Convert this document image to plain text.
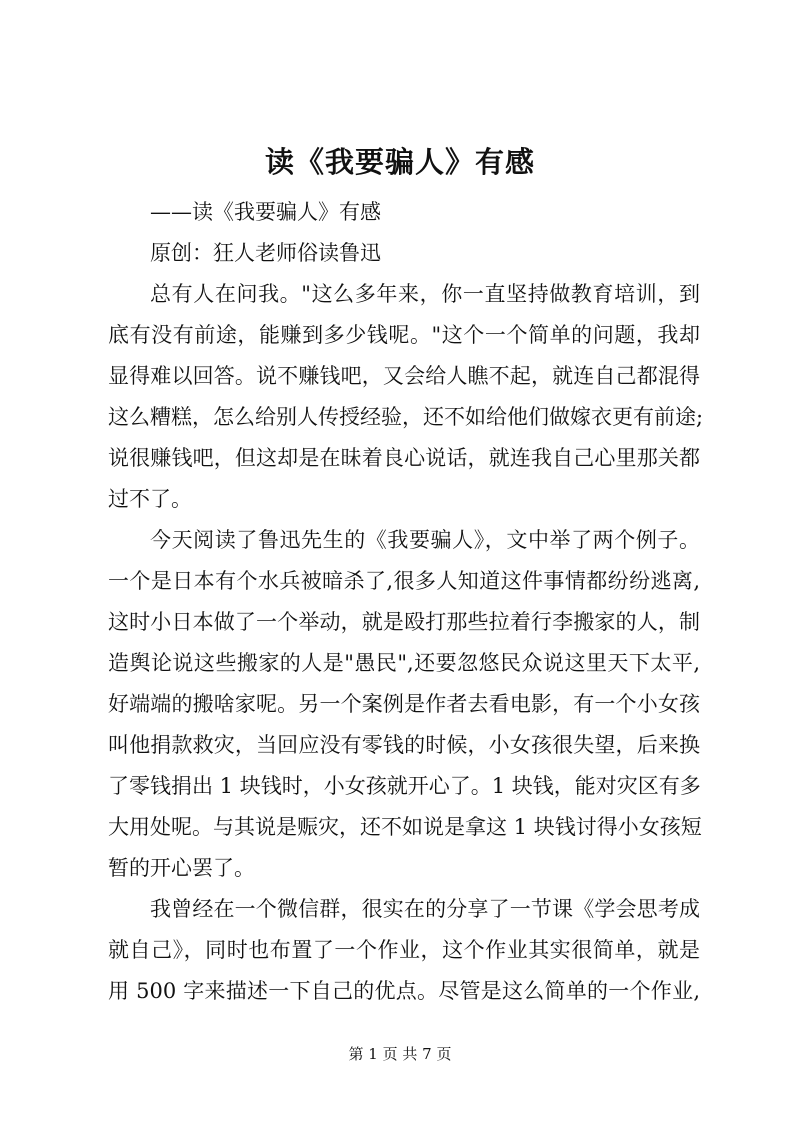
读《我要骗人》有感
——读《我要骗人》有感
原创：狂人老师俗读鲁迅
总有人在问我。"这么多年来，你一直坚持做教育培训，到
底有没有前途，能赚到多少钱呢。"这个一个简单的问题，我却
显得难以回答。说不赚钱吧，又会给人瞧不起，就连自己都混得
这么糟糕，怎么给别人传授经验，还不如给他们做嫁衣更有前途;
说很赚钱吧，但这却是在昧着良心说话，就连我自己心里那关都
过不了。
今天阅读了鲁迅先生的《我要骗人》，文中举了两个例子。
一个是日本有个水兵被暗杀了,很多人知道这件事情都纷纷逃离,
这时小日本做了一个举动，就是殴打那些拉着行李搬家的人，制
造舆论说这些搬家的人是"愚民",还要忽悠民众说这里天下太平,
好端端的搬啥家呢。另一个案例是作者去看电影，有一个小女孩
叫他捐款救灾，当回应没有零钱的时候，小女孩很失望，后来换
了零钱捐出 1 块钱时，小女孩就开心了。1 块钱，能对灾区有多
大用处呢。与其说是赈灾，还不如说是拿这 1 块钱讨得小女孩短
暂的开心罢了。
我曾经在一个微信群，很实在的分享了一节课《学会思考成
就自己》，同时也布置了一个作业，这个作业其实很简单，就是
用 500 字来描述一下自己的优点。尽管是这么简单的一个作业,
第 1 页 共 7 页
